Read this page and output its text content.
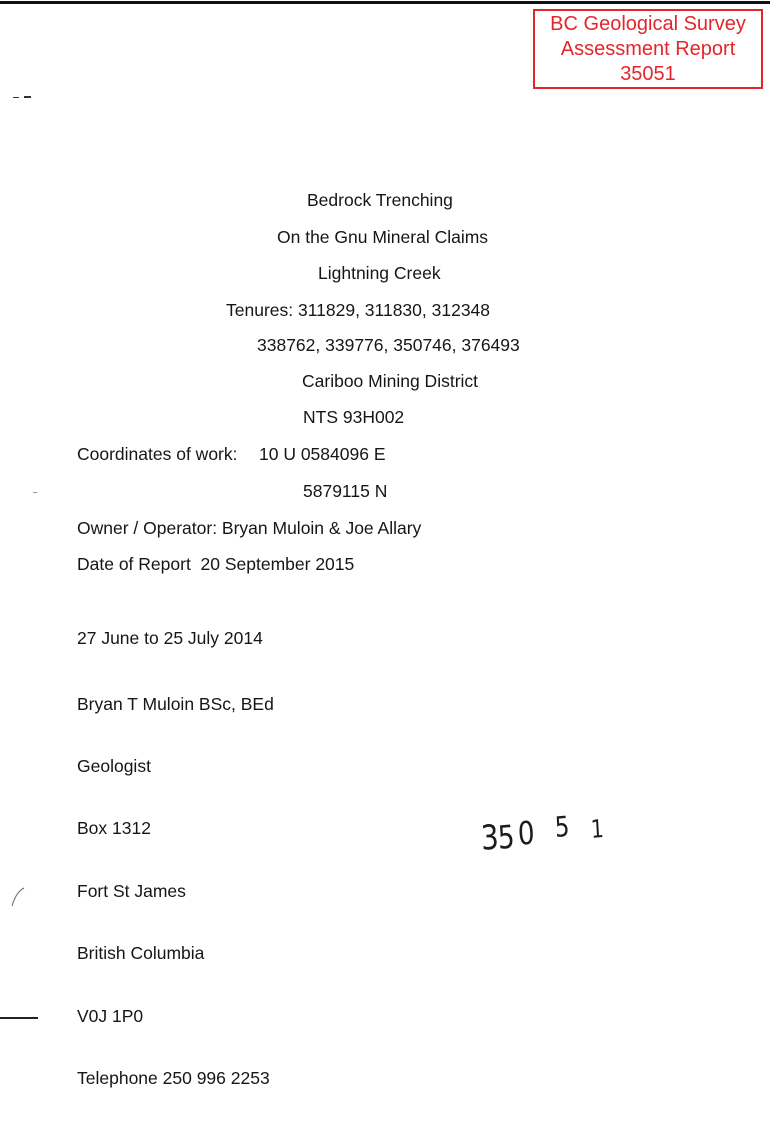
BC Geological Survey
Assessment Report
35051
Bedrock Trenching
On the Gnu Mineral Claims
Lightning Creek
Tenures: 311829, 311830, 312348
338762, 339776, 350746, 376493
Cariboo Mining District
NTS 93H002
Coordinates of work: 10 U 0584096 E
5879115 N
Owner / Operator: Bryan Muloin & Joe Allary
Date of Report  20 September 2015
27 June to 25 July 2014

Bryan T Muloin BSc, BEd

Geologist

Box 1312

Fort St James

British Columbia

V0J 1P0

Telephone 250 996 2253

3
5 0 5 1
